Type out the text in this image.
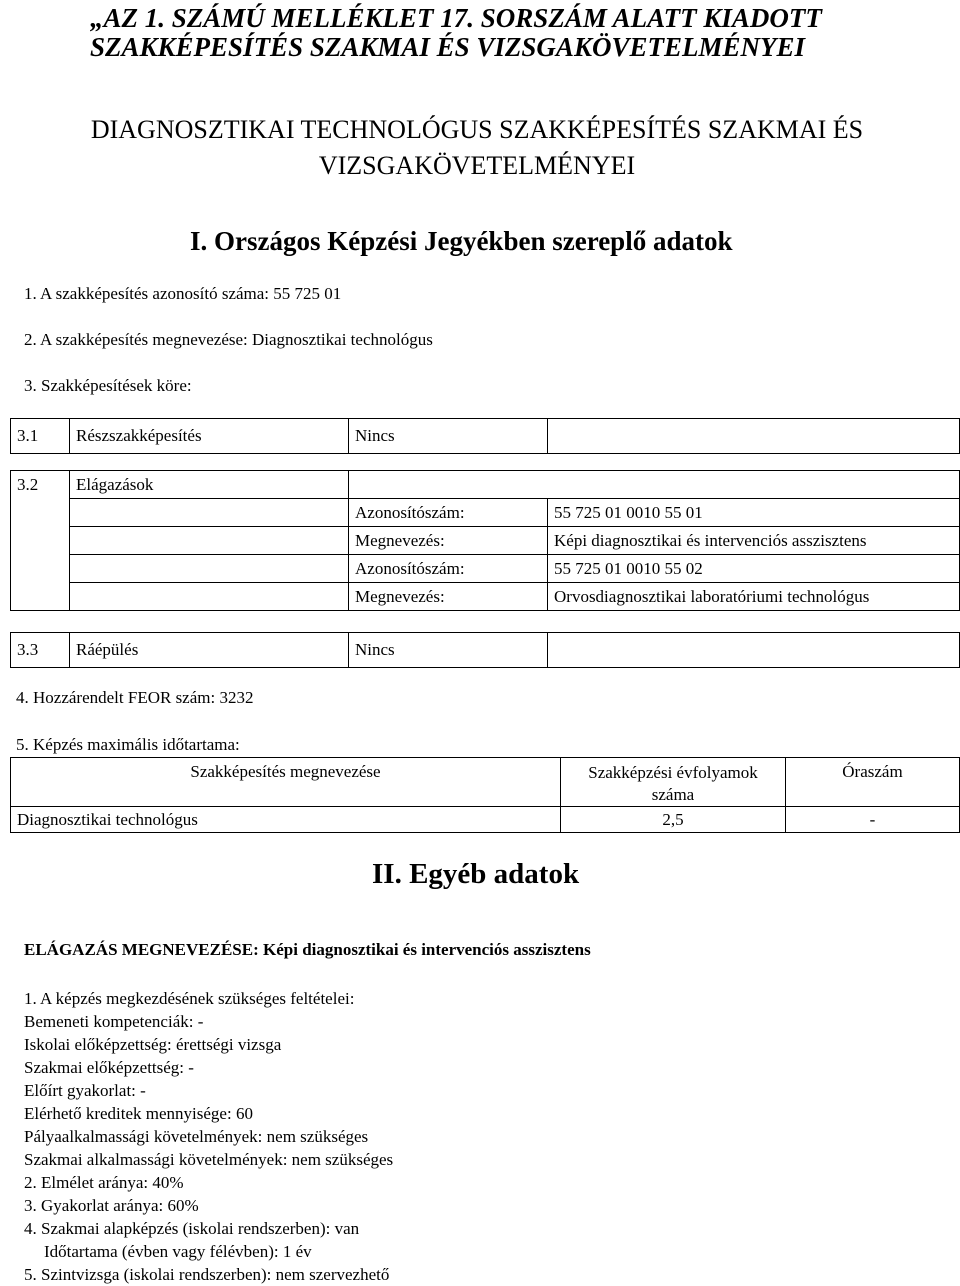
„AZ 1. SZÁMÚ MELLÉKLET 17. SORSZÁM ALATT KIADOTT
SZAKKÉPESÍTÉS SZAKMAI ÉS VIZSGAKÖVETELMÉNYEI
DIAGNOSZTIKAI TECHNOLÓGUS SZAKKÉPESÍTÉS SZAKMAI ÉS
VIZSGAKÖVETELMÉNYEI
I. Országos Képzési Jegyékben szereplő adatok
1. A szakképesítés azonosító száma: 55 725 01
2. A szakképesítés megnevezése: Diagnosztikai technológus
3. Szakképesítések köre:
3.1	Részszakképesítés	Nincs	
3.2	Elágazások		
		Azonosítószám:	55 725 01 0010 55 01
		Megnevezés:	Képi diagnosztikai és intervenciós asszisztens
		Azonosítószám:	55 725 01 0010 55 02
		Megnevezés:	Orvosdiagnosztikai laboratóriumi technológus
3.3	Ráépülés	Nincs	
4. Hozzárendelt FEOR szám: 3232
5. Képzés maximális időtartama:
Szakképesítés megnevezése	Szakképzési évfolyamok száma	Óraszám
Diagnosztikai technológus	2,5	-
II. Egyéb adatok
ELÁGAZÁS MEGNEVEZÉSE: Képi diagnosztikai és intervenciós asszisztens
1. A képzés megkezdésének szükséges feltételei:
Bemeneti kompetenciák: -
Iskolai előképzettség: érettségi vizsga
Szakmai előképzettség: -
Előírt gyakorlat: -
Elérhető kreditek mennyisége: 60
Pályaalkalmassági követelmények: nem szükséges
Szakmai alkalmassági követelmények: nem szükséges
2. Elmélet aránya: 40%
3. Gyakorlat aránya: 60%
4. Szakmai alapképzés (iskolai rendszerben): van
Időtartama (évben vagy félévben): 1 év
5. Szintvizsga (iskolai rendszerben): nem szervezhető
